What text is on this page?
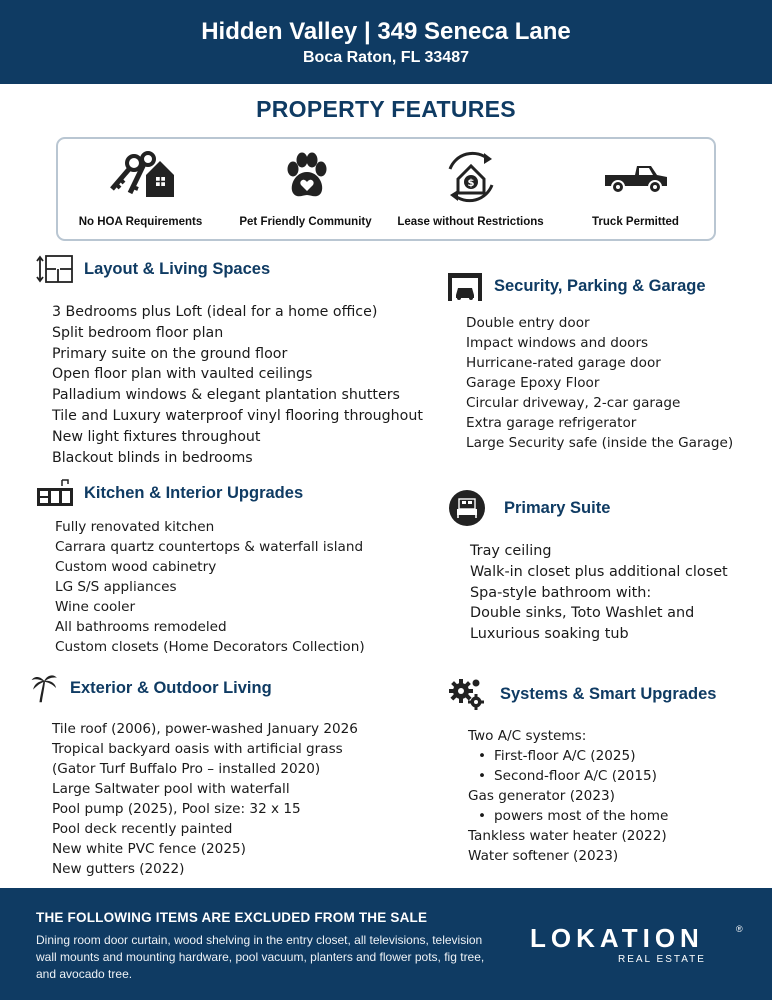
Hidden Valley | 349 Seneca Lane
Boca Raton, FL 33487
PROPERTY FEATURES
No HOA Requirements	Pet Friendly Community
$
Lease without Restrictions	Truck Permitted
Layout & Living Spaces
3 Bedrooms plus Loft (ideal for a home office)
Split bedroom floor plan
Primary suite on the ground floor
Open floor plan with vaulted ceilings
Palladium windows & elegant plantation shutters
Tile and Luxury waterproof vinyl flooring throughout
New light fixtures throughout
Blackout blinds in bedrooms
Security, Parking & Garage
Double entry door
Impact windows and doors
Hurricane-rated garage door
Garage Epoxy Floor
Circular driveway, 2-car garage
Extra garage refrigerator
Large Security safe (inside the Garage)
Kitchen & Interior Upgrades
Fully renovated kitchen
Carrara quartz countertops & waterfall island
Custom wood cabinetry
LG S/S appliances
Wine cooler
All bathrooms remodeled
Custom closets (Home Decorators Collection)
Primary Suite
Tray ceiling
Walk-in closet plus additional closet
Spa-style bathroom with:
Double sinks, Toto Washlet and
Luxurious soaking tub
Exterior & Outdoor Living
Tile roof (2006), power-washed January 2026
Tropical backyard oasis with artificial grass
(Gator Turf Buffalo Pro – installed 2020)
Large Saltwater pool with waterfall
Pool pump (2025), Pool size: 32 x 15
Pool deck recently painted
New white PVC fence (2025)
New gutters (2022)
Systems & Smart Upgrades
Two A/C systems:
• First-floor A/C (2025)
• Second-floor A/C (2015)
Gas generator (2023)
• powers most of the home
Tankless water heater (2022)
Water softener (2023)
THE FOLLOWING ITEMS ARE EXCLUDED FROM THE SALE
Dining room door curtain, wood shelving in the entry closet, all televisions, television wall mounts and mounting hardware, pool vacuum, planters and flower pots, fig tree, and avocado tree.
LOKATION
REAL ESTATE
®
